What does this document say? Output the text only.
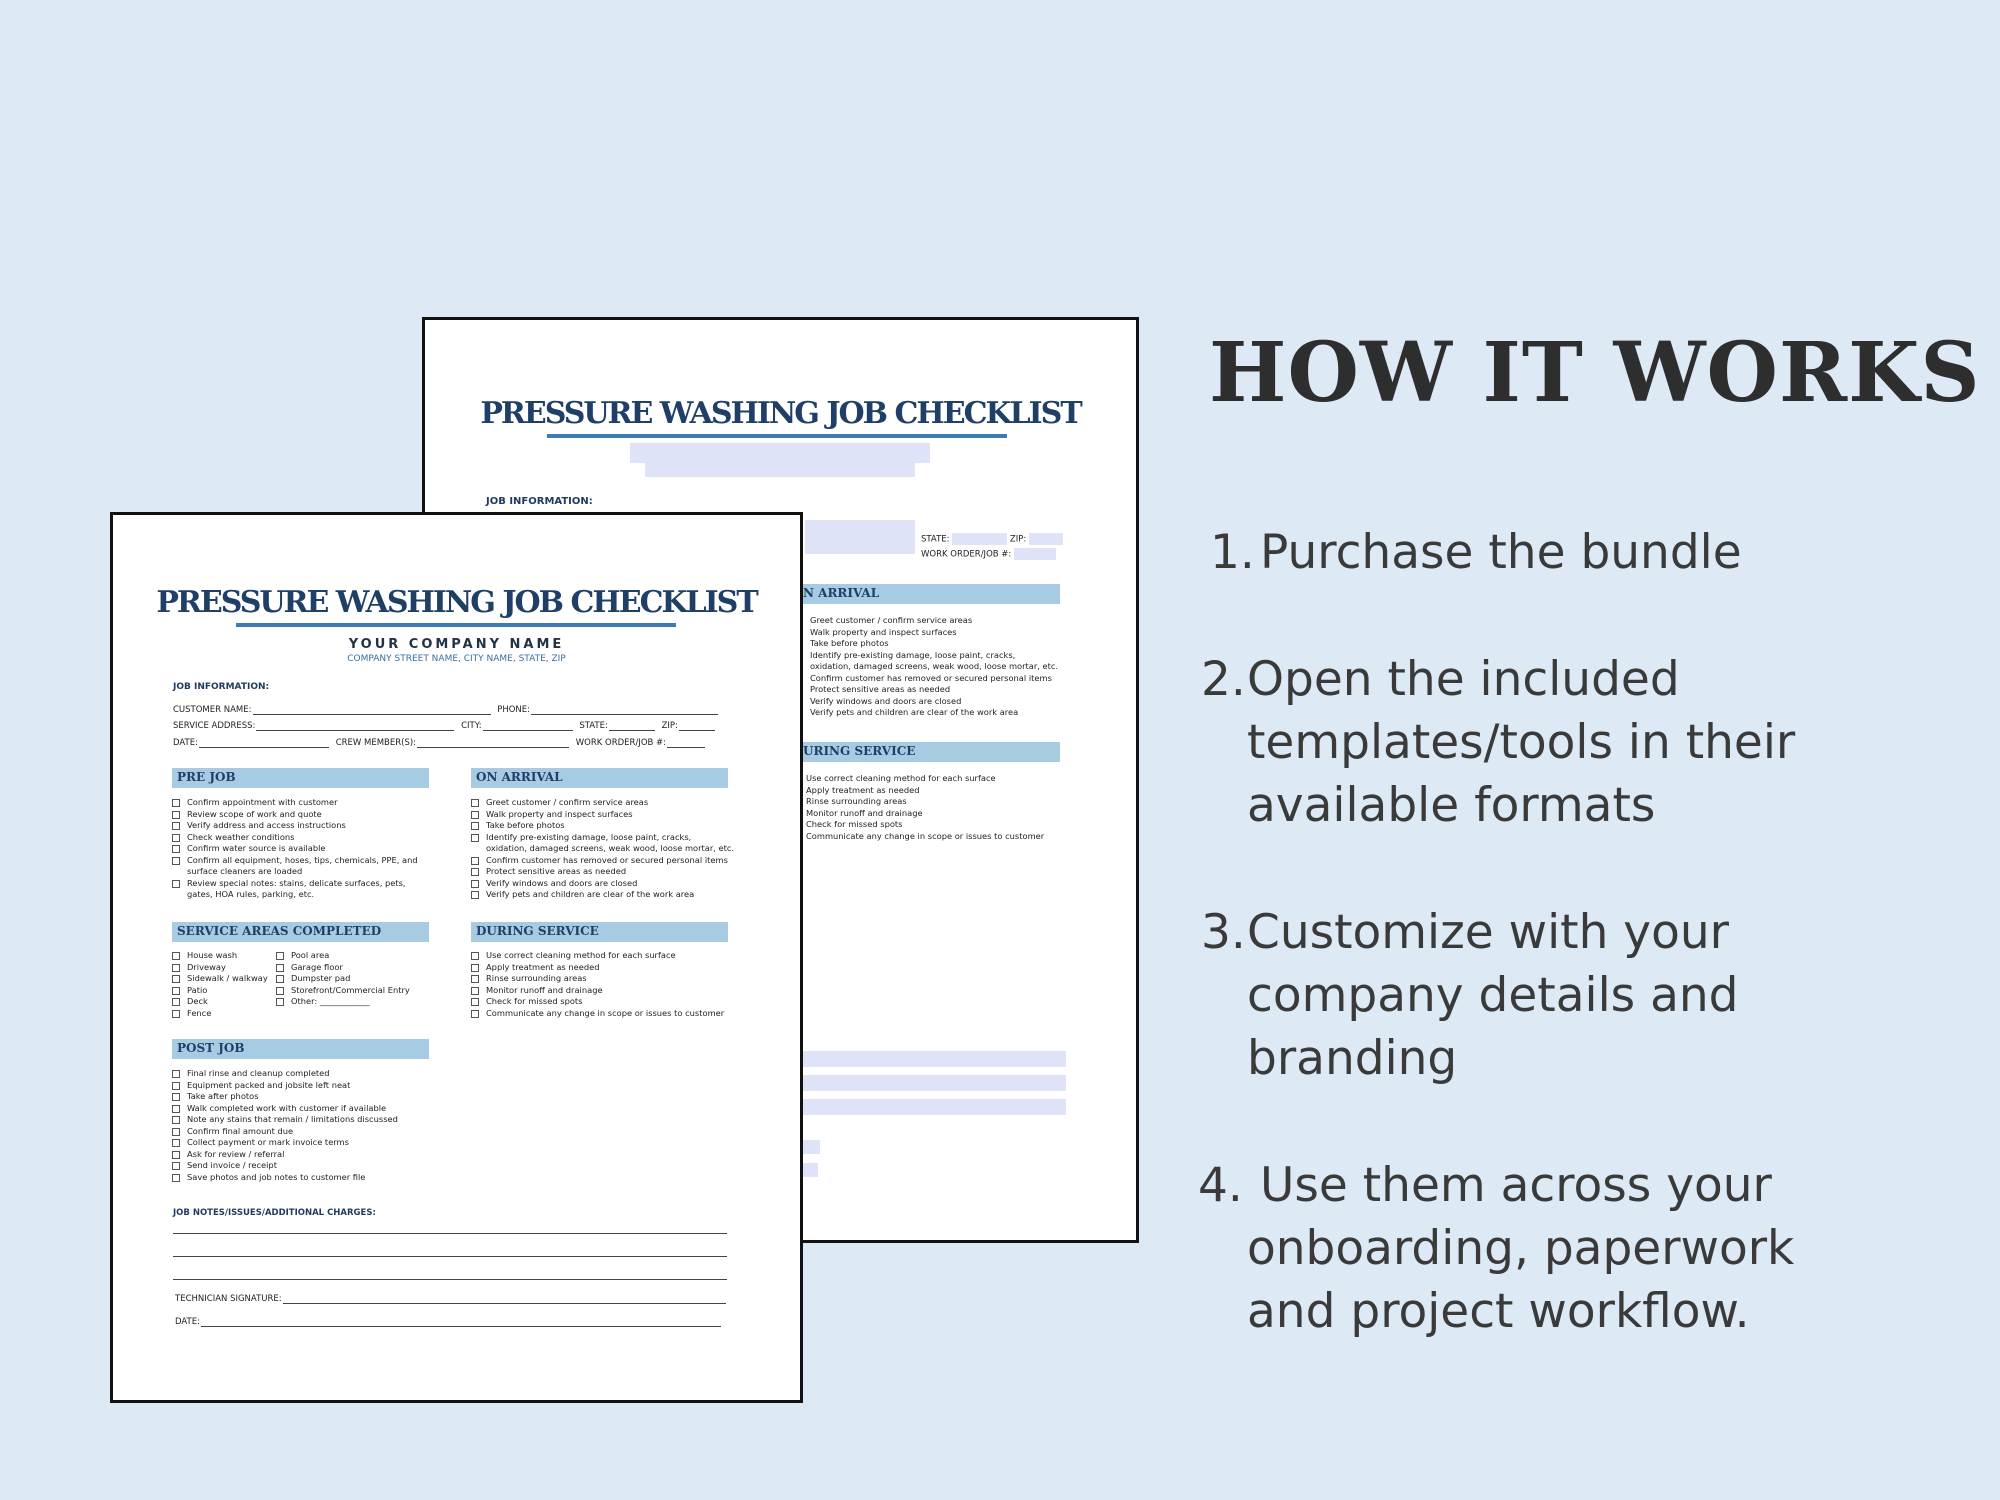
PRESSURE WASHING JOB CHECKLIST
JOB INFORMATION:
STATE:	ZIP:
WORK ORDER/JOB #:
N ARRIVAL
Greet customer / confirm service areas
Walk property and inspect surfaces
Take before photos
Identify pre-existing damage, loose paint, cracks,
oxidation, damaged screens, weak wood, loose mortar, etc.
Confirm customer has removed or secured personal items
Protect sensitive areas as needed
Verify windows and doors are closed
Verify pets and children are clear of the work area
URING SERVICE
Use correct cleaning method for each surface
Apply treatment as needed
Rinse surrounding areas
Monitor runoff and drainage
Check for missed spots
Communicate any change in scope or issues to customer
PRESSURE WASHING JOB CHECKLIST
YOUR COMPANY NAME
COMPANY STREET NAME, CITY NAME, STATE, ZIP
JOB INFORMATION:
CUSTOMER NAME:	PHONE:
SERVICE ADDRESS:	CITY:	STATE:	ZIP:
DATE:	CREW MEMBER(S):	WORK ORDER/JOB #:
PRE JOB
Confirm appointment with customer
Review scope of work and quote
Verify address and access instructions
Check weather conditions
Confirm water source is available
Confirm all equipment, hoses, tips, chemicals, PPE, and
surface cleaners are loaded
Review special notes: stains, delicate surfaces, pets,
gates, HOA rules, parking, etc.
ON ARRIVAL
Greet customer / confirm service areas
Walk property and inspect surfaces
Take before photos
Identify pre-existing damage, loose paint, cracks,
oxidation, damaged screens, weak wood, loose mortar, etc.
Confirm customer has removed or secured personal items
Protect sensitive areas as needed
Verify windows and doors are closed
Verify pets and children are clear of the work area
SERVICE AREAS COMPLETED
House wash
Driveway
Sidewalk / walkway
Patio
Deck
Fence
Pool area
Garage floor
Dumpster pad
Storefront/Commercial Entry
Other: ____________
DURING SERVICE
Use correct cleaning method for each surface
Apply treatment as needed
Rinse surrounding areas
Monitor runoff and drainage
Check for missed spots
Communicate any change in scope or issues to customer
POST JOB
Final rinse and cleanup completed
Equipment packed and jobsite left neat
Take after photos
Walk completed work with customer if available
Note any stains that remain / limitations discussed
Confirm final amount due
Collect payment or mark invoice terms
Ask for review / referral
Send invoice / receipt
Save photos and job notes to customer file
JOB NOTES/ISSUES/ADDITIONAL CHARGES:
TECHNICIAN SIGNATURE:
DATE:
HOW IT WORKS
1. Purchase the bundle
2. Open the included
templates/tools in their
available formats
3. Customize with your
company details and
branding
4. Use them across your
onboarding, paperwork
and project workflow.
